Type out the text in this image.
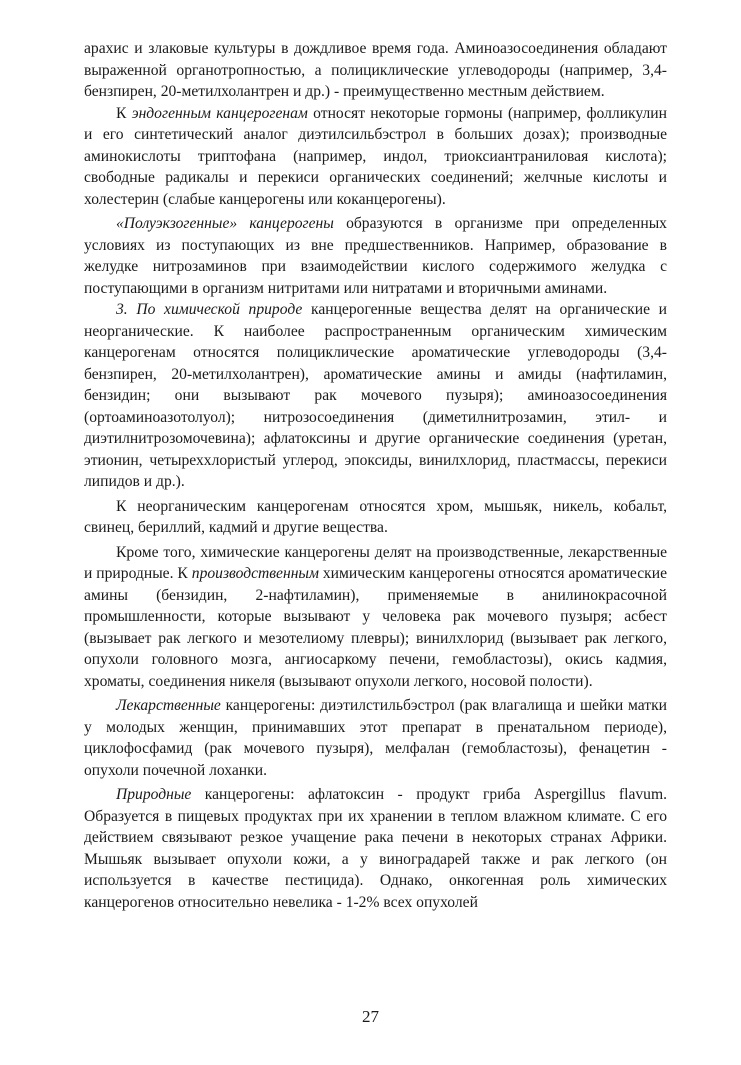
арахис и злаковые культуры в дождливое время года. Аминоазосоединения обладают выраженной органотропностью, а полициклические углеводороды (например, 3,4-бензпирен, 20-метилхолантрен и др.) - преимущественно местным действием.

К эндогенным канцерогенам относят некоторые гормоны (например, фолликулин и его синтетический аналог диэтилсильбэстрол в больших дозах); производные аминокислоты триптофана (например, индол, триоксиантраниловая кислота); свободные радикалы и перекиси органических соединений; желчные кислоты и холестерин (слабые канцерогены или коканцерогены).

«Полуэкзогенные» канцерогены образуются в организме при определенных условиях из поступающих из вне предшественников. Например, образование в желудке нитрозаминов при взаимодействии кислого содержимого желудка с поступающими в организм нитритами или нитратами и вторичными аминами.

3. По химической природе канцерогенные вещества делят на органические и неорганические. К наиболее распространенным органическим химическим канцерогенам относятся полициклические ароматические углеводороды (3,4-бензпирен, 20-метилхолантрен), ароматические амины и амиды (нафтиламин, бензидин; они вызывают рак мочевого пузыря); аминоазосоединения (ортоаминоазотолуол); нитрозосоединения (диметилнитрозамин, этил- и диэтилнитрозомочевина); афлатоксины и другие органические соединения (уретан, этионин, четыреххлористый углерод, эпоксиды, винилхлорид, пластмассы, перекиси липидов и др.).

К неорганическим канцерогенам относятся хром, мышьяк, никель, кобальт, свинец, бериллий, кадмий и другие вещества.

Кроме того, химические канцерогены делят на производственные, лекарственные и природные. К производственным химическим канцерогены относятся ароматические амины (бензидин, 2-нафтиламин), применяемые в анилинокрасочной промышленности, которые вызывают у человека рак мочевого пузыря; асбест (вызывает рак легкого и мезотелиому плевры); винилхлорид (вызывает рак легкого, опухоли головного мозга, ангиосаркому печени, гемобластозы), окись кадмия, хроматы, соединения никеля (вызывают опухоли легкого, носовой полости).

Лекарственные канцерогены: диэтилстильбэстрол (рак влагалища и шейки матки у молодых женщин, принимавших этот препарат в пренатальном периоде), циклофосфамид (рак мочевого пузыря), мелфалан (гемобластозы), фенацетин - опухоли почечной лоханки.

Природные канцерогены: афлатоксин - продукт гриба Aspergillus flavum. Образуется в пищевых продуктах при их хранении в теплом влажном климате. С его действием связывают резкое учащение рака печени в некоторых странах Африки. Мышьяк вызывает опухоли кожи, а у виноградарей также и рак легкого (он используется в качестве пестицида). Однако, онкогенная роль химических канцерогенов относительно невелика - 1-2% всех опухолей

27
